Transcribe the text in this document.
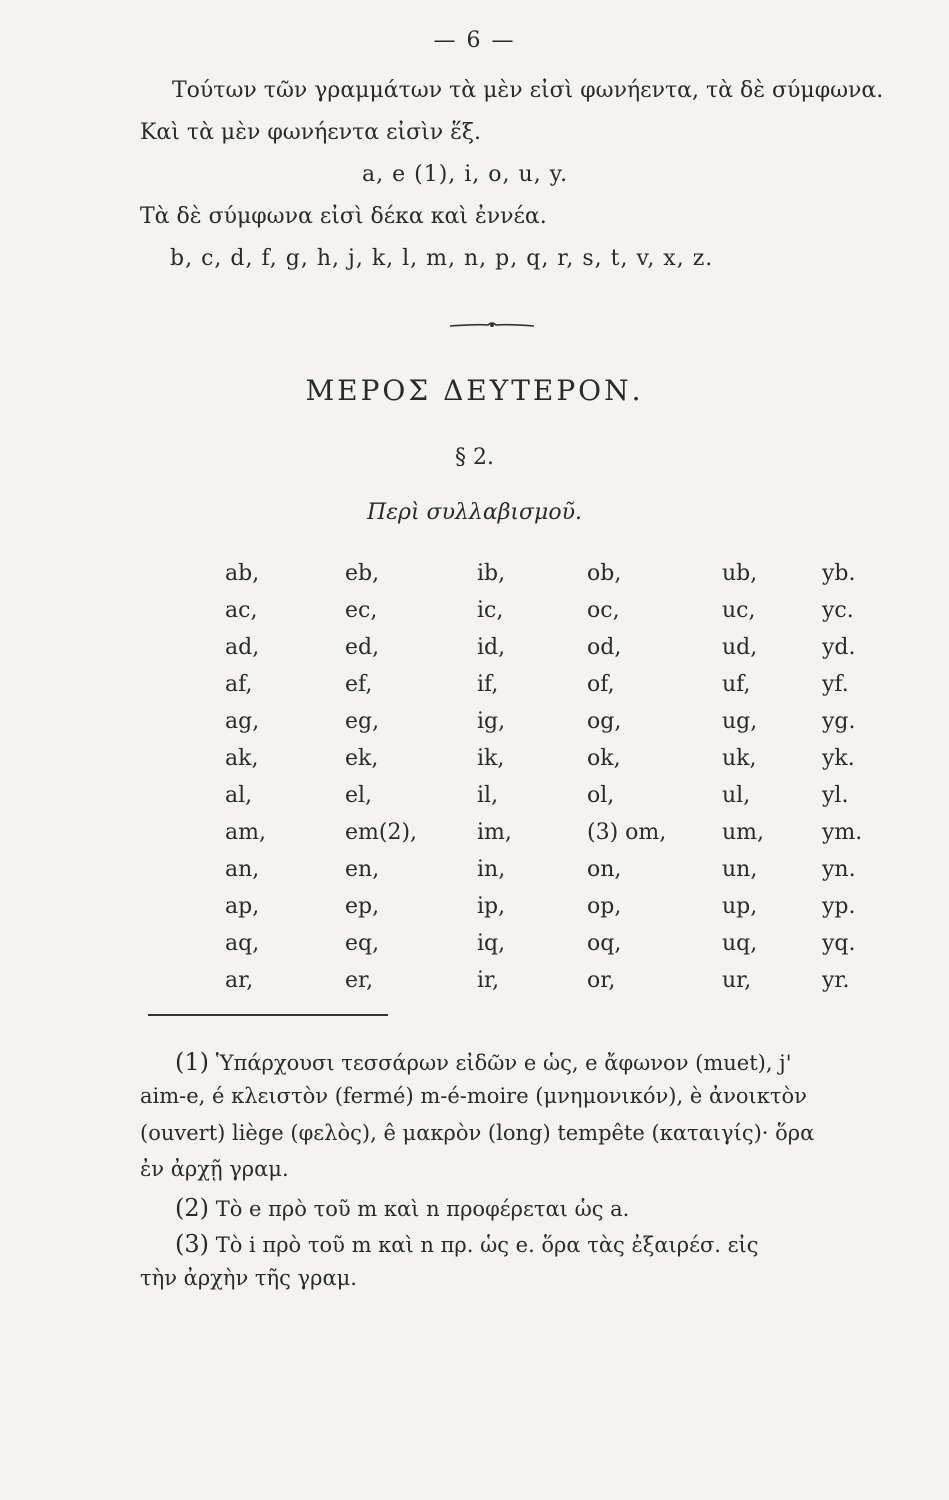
— 6 —
Τούτων τῶν γραμμάτων τὰ μὲν εἰσὶ φωνήεντα, τὰ δὲ σύμφωνα.
Καὶ τὰ μὲν φωνήεντα εἰσὶν ἕξ.
a, e (1), i, o, u, y.
Τὰ δὲ σύμφωνα εἰσὶ δέκα καὶ ἐννέα.
b, c, d, f, g, h, j, k, l, m, n, p, q, r, s, t, v, x, z.
ΜΕΡΟΣ ΔΕΥΤΕΡΟΝ.
§ 2.
Περὶ συλλαβισμοῦ.
ab,	eb,	ib,	ob,	ub,	yb.
ac,	ec,	ic,	oc,	uc,	yc.
ad,	ed,	id,	od,	ud,	yd.
af,	ef,	if,	of,	uf,	yf.
ag,	eg,	ig,	og,	ug,	yg.
ak,	ek,	ik,	ok,	uk,	yk.
al,	el,	il,	ol,	ul,	yl.
am,	em(2),	im,	(3) om,	um,	ym.
an,	en,	in,	on,	un,	yn.
ap,	ep,	ip,	op,	up,	yp.
aq,	eq,	iq,	oq,	uq,	yq.
ar,	er,	ir,	or,	ur,	yr.
(1) Ὑπάρχουσι τεσσάρων εἰδῶν e ὡς, e ἄφωνον (muet), j'
aim-e, é κλειστὸν (fermé) m-é-moire (μνημονικόν), è ἀνοικτὸν
(ouvert) liège (φελὸς), ê μακρὸν (long) tempête (καταιγίς)· ὅρα
ἐν ἀρχῇ γραμ.
(2) Τὸ e πρὸ τοῦ m καὶ n προφέρεται ὡς a.
(3) Τὸ i πρὸ τοῦ m καὶ n πρ. ὡς e. ὅρα τὰς ἐξαιρέσ. εἰς
τὴν ἀρχὴν τῆς γραμ.
